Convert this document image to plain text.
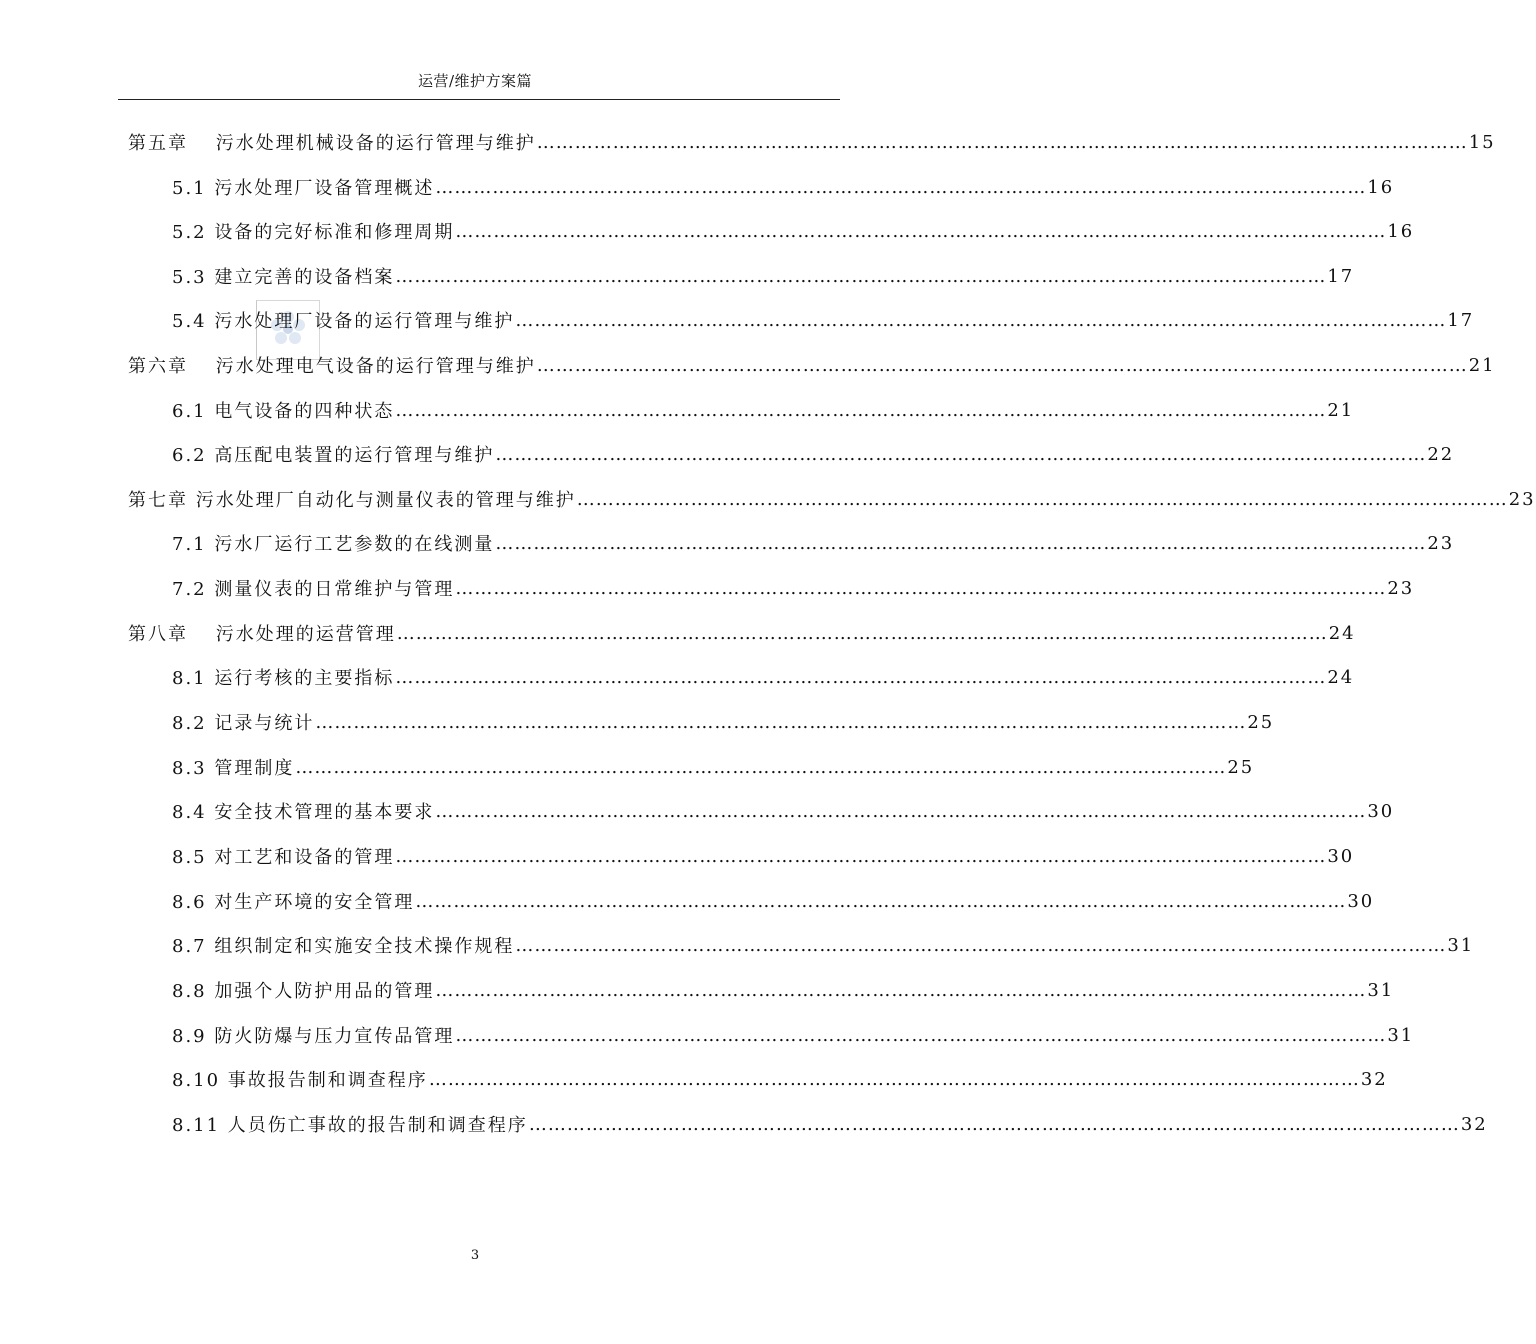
运营/维护方案篇
第五章　 污水处理机械设备的运行管理与维护 ………………………………………………………………………………………………………………………………… 15
5.1 污水处理厂设备管理概述 ………………………………………………………………………………………………………………………………… 16
5.2 设备的完好标准和修理周期 ………………………………………………………………………………………………………………………………… 16
5.3 建立完善的设备档案 ………………………………………………………………………………………………………………………………… 17
5.4 污水处理厂设备的运行管理与维护 ………………………………………………………………………………………………………………………………… 17
第六章　 污水处理电气设备的运行管理与维护 ………………………………………………………………………………………………………………………………… 21
6.1 电气设备的四种状态 ………………………………………………………………………………………………………………………………… 21
6.2 高压配电装置的运行管理与维护 ………………………………………………………………………………………………………………………………… 22
第七章 污水处理厂自动化与测量仪表的管理与维护 ………………………………………………………………………………………………………………………………… 23
7.1 污水厂运行工艺参数的在线测量 ………………………………………………………………………………………………………………………………… 23
7.2 测量仪表的日常维护与管理 ………………………………………………………………………………………………………………………………… 23
第八章　 污水处理的运营管理 ………………………………………………………………………………………………………………………………… 24
8.1 运行考核的主要指标 ………………………………………………………………………………………………………………………………… 24
8.2 记录与统计 ………………………………………………………………………………………………………………………………… 25
8.3 管理制度 ………………………………………………………………………………………………………………………………… 25
8.4 安全技术管理的基本要求 ………………………………………………………………………………………………………………………………… 30
8.5 对工艺和设备的管理 ………………………………………………………………………………………………………………………………… 30
8.6 对生产环境的安全管理 ………………………………………………………………………………………………………………………………… 30
8.7 组织制定和实施安全技术操作规程 ………………………………………………………………………………………………………………………………… 31
8.8 加强个人防护用品的管理 ………………………………………………………………………………………………………………………………… 31
8.9 防火防爆与压力宣传品管理 ………………………………………………………………………………………………………………………………… 31
8.10 事故报告制和调查程序 ………………………………………………………………………………………………………………………………… 32
8.11 人员伤亡事故的报告制和调查程序 ………………………………………………………………………………………………………………………………… 32
3
